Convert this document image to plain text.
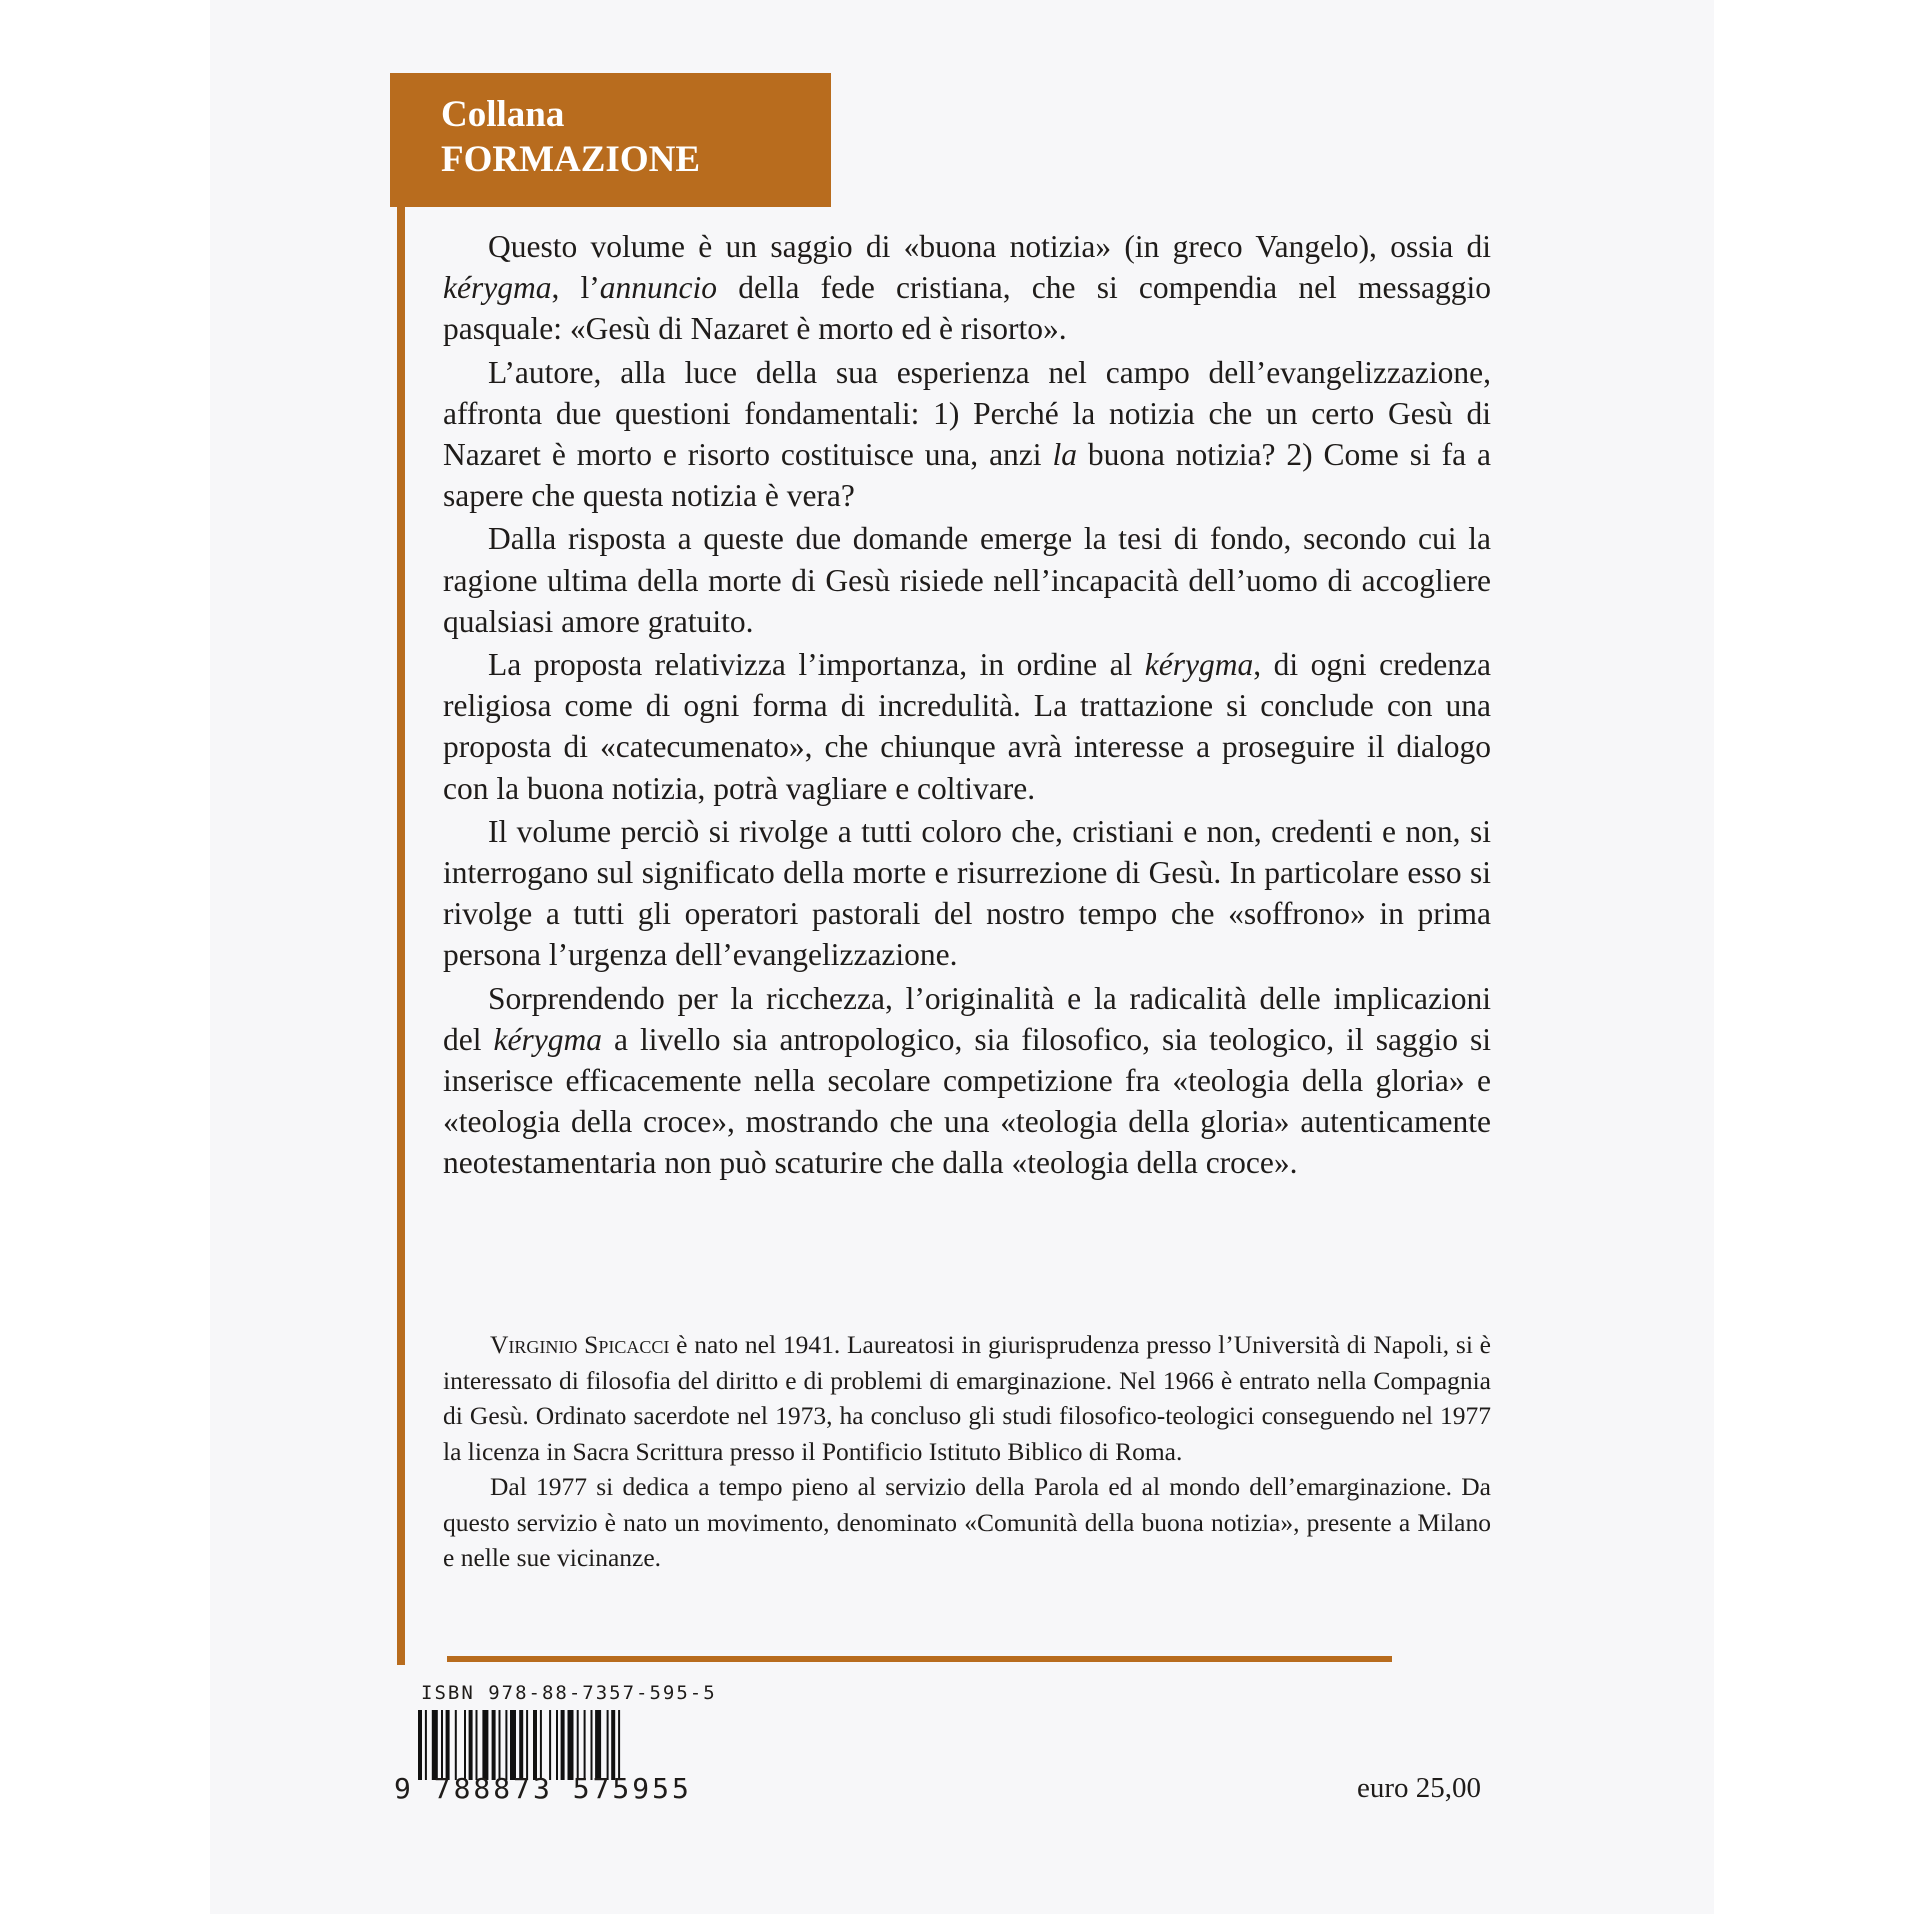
Collana
FORMAZIONE

Questo volume è un saggio di «buona notizia» (in greco Vangelo), ossia di kérygma, l’annuncio della fede cristiana, che si compendia nel messaggio pasquale: «Gesù di Nazaret è morto ed è risorto».

L’autore, alla luce della sua esperienza nel campo dell’evangelizzazione, affronta due questioni fondamentali: 1) Perché la notizia che un certo Gesù di Nazaret è morto e risorto costituisce una, anzi la buona notizia? 2) Come si fa a sapere che questa notizia è vera?

Dalla risposta a queste due domande emerge la tesi di fondo, secondo cui la ragione ultima della morte di Gesù risiede nell’incapacità dell’uomo di accogliere qualsiasi amore gratuito.

La proposta relativizza l’importanza, in ordine al kérygma, di ogni credenza religiosa come di ogni forma di incredulità. La trattazione si conclude con una proposta di «catecumenato», che chiunque avrà interesse a proseguire il dialogo con la buona notizia, potrà vagliare e coltivare.

Il volume perciò si rivolge a tutti coloro che, cristiani e non, credenti e non, si interrogano sul significato della morte e risurrezione di Gesù. In particolare esso si rivolge a tutti gli operatori pastorali del nostro tempo che «soffrono» in prima persona l’urgenza dell’evangelizzazione.

Sorprendendo per la ricchezza, l’originalità e la radicalità delle implicazioni del kérygma a livello sia antropologico, sia filosofico, sia teologico, il saggio si inserisce efficacemente nella secolare competizione fra «teologia della gloria» e «teologia della croce», mostrando che una «teologia della gloria» autenticamente neotestamentaria non può scaturire che dalla «teologia della croce».

Virginio Spicacci è nato nel 1941. Laureatosi in giurisprudenza presso l’Università di Napoli, si è interessato di filosofia del diritto e di problemi di emarginazione. Nel 1966 è entrato nella Compagnia di Gesù. Ordinato sacerdote nel 1973, ha concluso gli studi filosofico-teologici conseguendo nel 1977 la licenza in Sacra Scrittura presso il Pontificio Istituto Biblico di Roma.

Dal 1977 si dedica a tempo pieno al servizio della Parola ed al mondo dell’emarginazione. Da questo servizio è nato un movimento, denominato «Comunità della buona notizia», presente a Milano e nelle sue vicinanze.

ISBN 978-88-7357-595-5
9 788873 575955	euro 25,00
